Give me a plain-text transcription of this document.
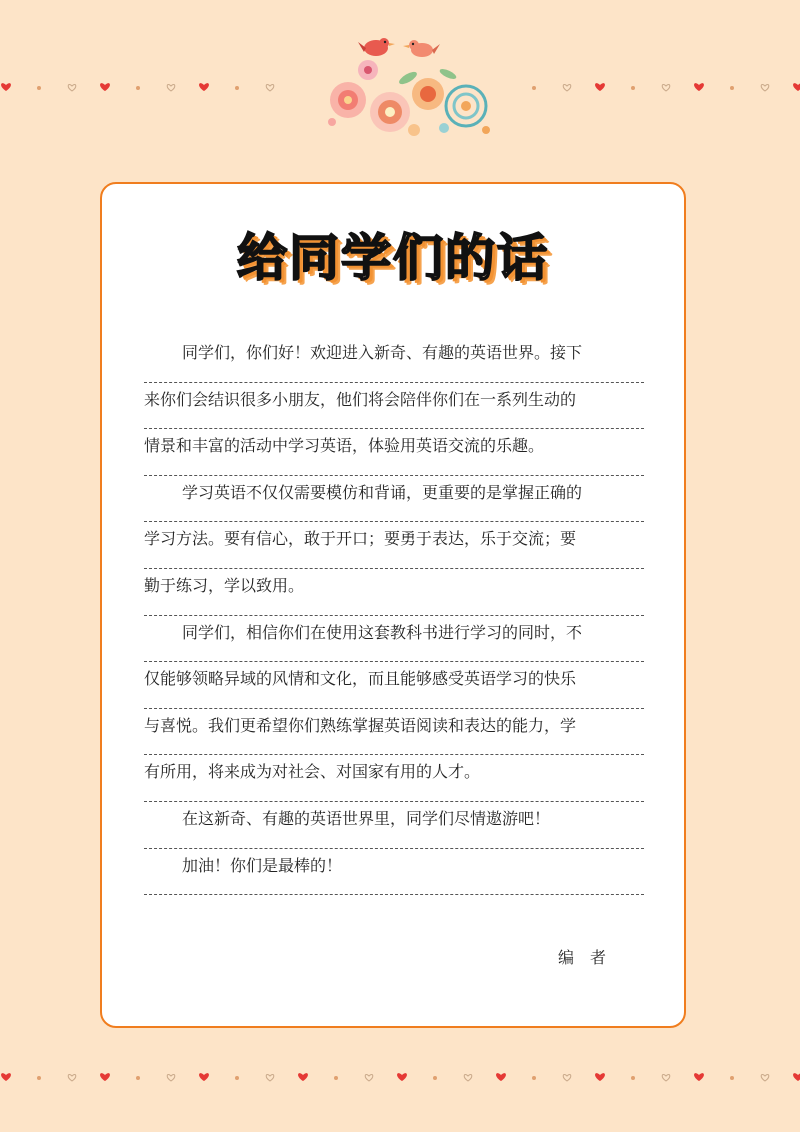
给同学们的话
同学们，你们好！欢迎进入新奇、有趣的英语世界。接下
来你们会结识很多小朋友，他们将会陪伴你们在一系列生动的
情景和丰富的活动中学习英语，体验用英语交流的乐趣。
学习英语不仅仅需要模仿和背诵，更重要的是掌握正确的
学习方法。要有信心，敢于开口；要勇于表达，乐于交流；要
勤于练习，学以致用。
同学们，相信你们在使用这套教科书进行学习的同时，不
仅能够领略异域的风情和文化，而且能够感受英语学习的快乐
与喜悦。我们更希望你们熟练掌握英语阅读和表达的能力，学
有所用，将来成为对社会、对国家有用的人才。
在这新奇、有趣的英语世界里，同学们尽情遨游吧！
加油！你们是最棒的！
编　者
